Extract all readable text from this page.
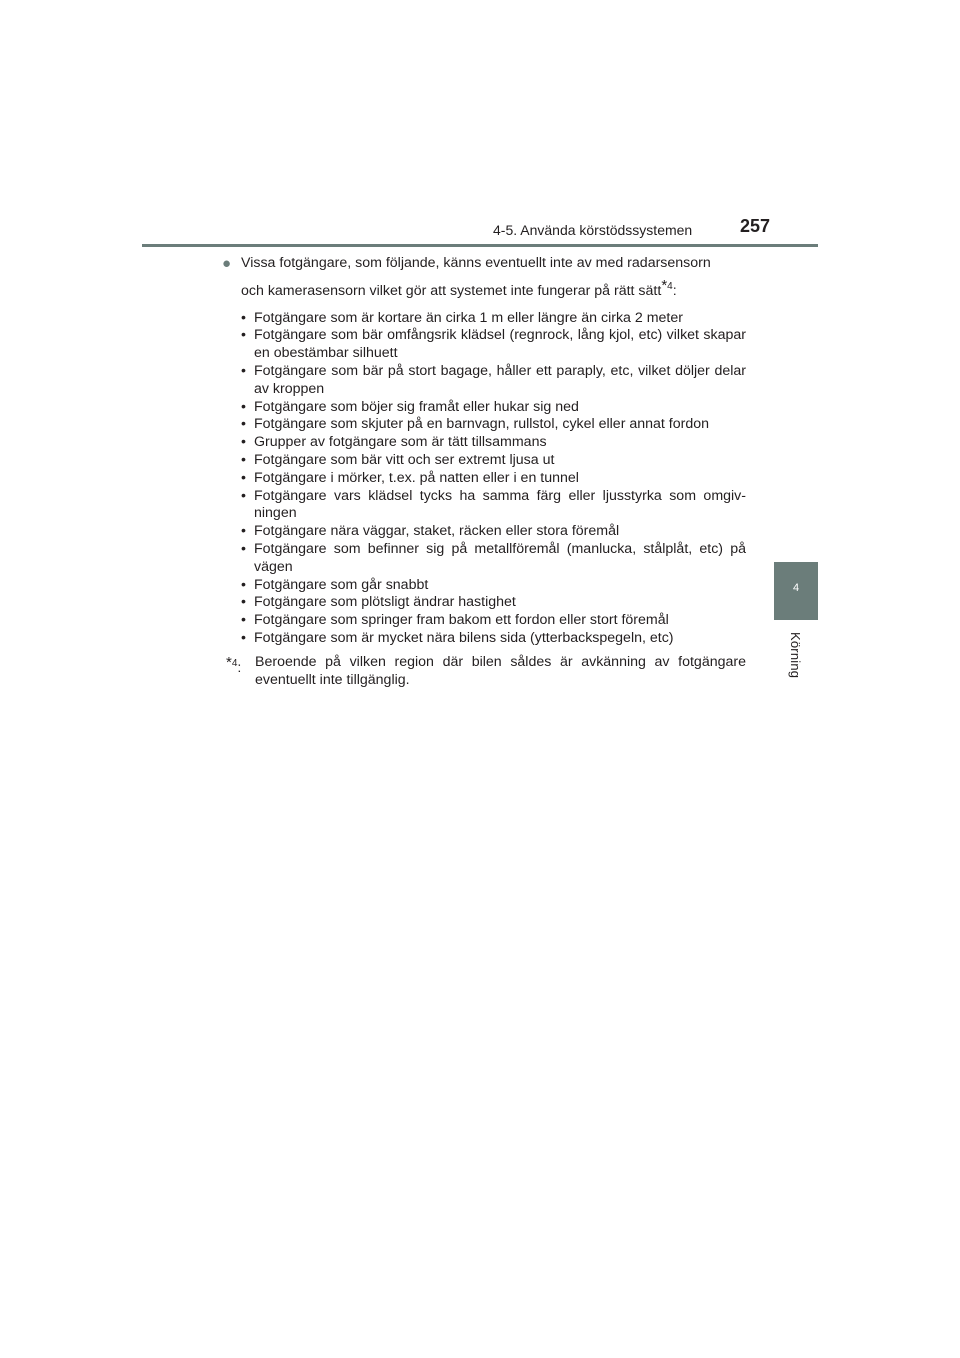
4-5. Använda körstödssystemen	257
4
Körning
● Vissa fotgängare, som följande, känns eventuellt inte av med radarsensorn
och kamerasensorn vilket gör att systemet inte fungerar på rätt sätt*$^4$:
• Fotgängare som är kortare än cirka 1 m eller längre än cirka 2 meter
• Fotgängare som bär omfångsrik klädsel (regnrock, lång kjol, etc) vilket skapar en obestämbar silhuett
• Fotgängare som bär på stort bagage, håller ett paraply, etc, vilket döljer delar av kroppen
• Fotgängare som böjer sig framåt eller hukar sig ned
• Fotgängare som skjuter på en barnvagn, rullstol, cykel eller annat fordon
• Grupper av fotgängare som är tätt tillsammans
• Fotgängare som bär vitt och ser extremt ljusa ut
• Fotgängare i mörker, t.ex. på natten eller i en tunnel
• Fotgängare vars klädsel tycks ha samma färg eller ljusstyrka som omgiv-ningen
• Fotgängare nära väggar, staket, räcken eller stora föremål
• Fotgängare som befinner sig på metallföremål (manlucka, stålplåt, etc) på vägen
• Fotgängare som går snabbt
• Fotgängare som plötsligt ändrar hastighet
• Fotgängare som springer fram bakom ett fordon eller stort föremål
• Fotgängare som är mycket nära bilens sida (ytterbackspegeln, etc)
*$^4$: Beroende på vilken region där bilen såldes är avkänning av fotgängare eventuellt inte tillgänglig.
